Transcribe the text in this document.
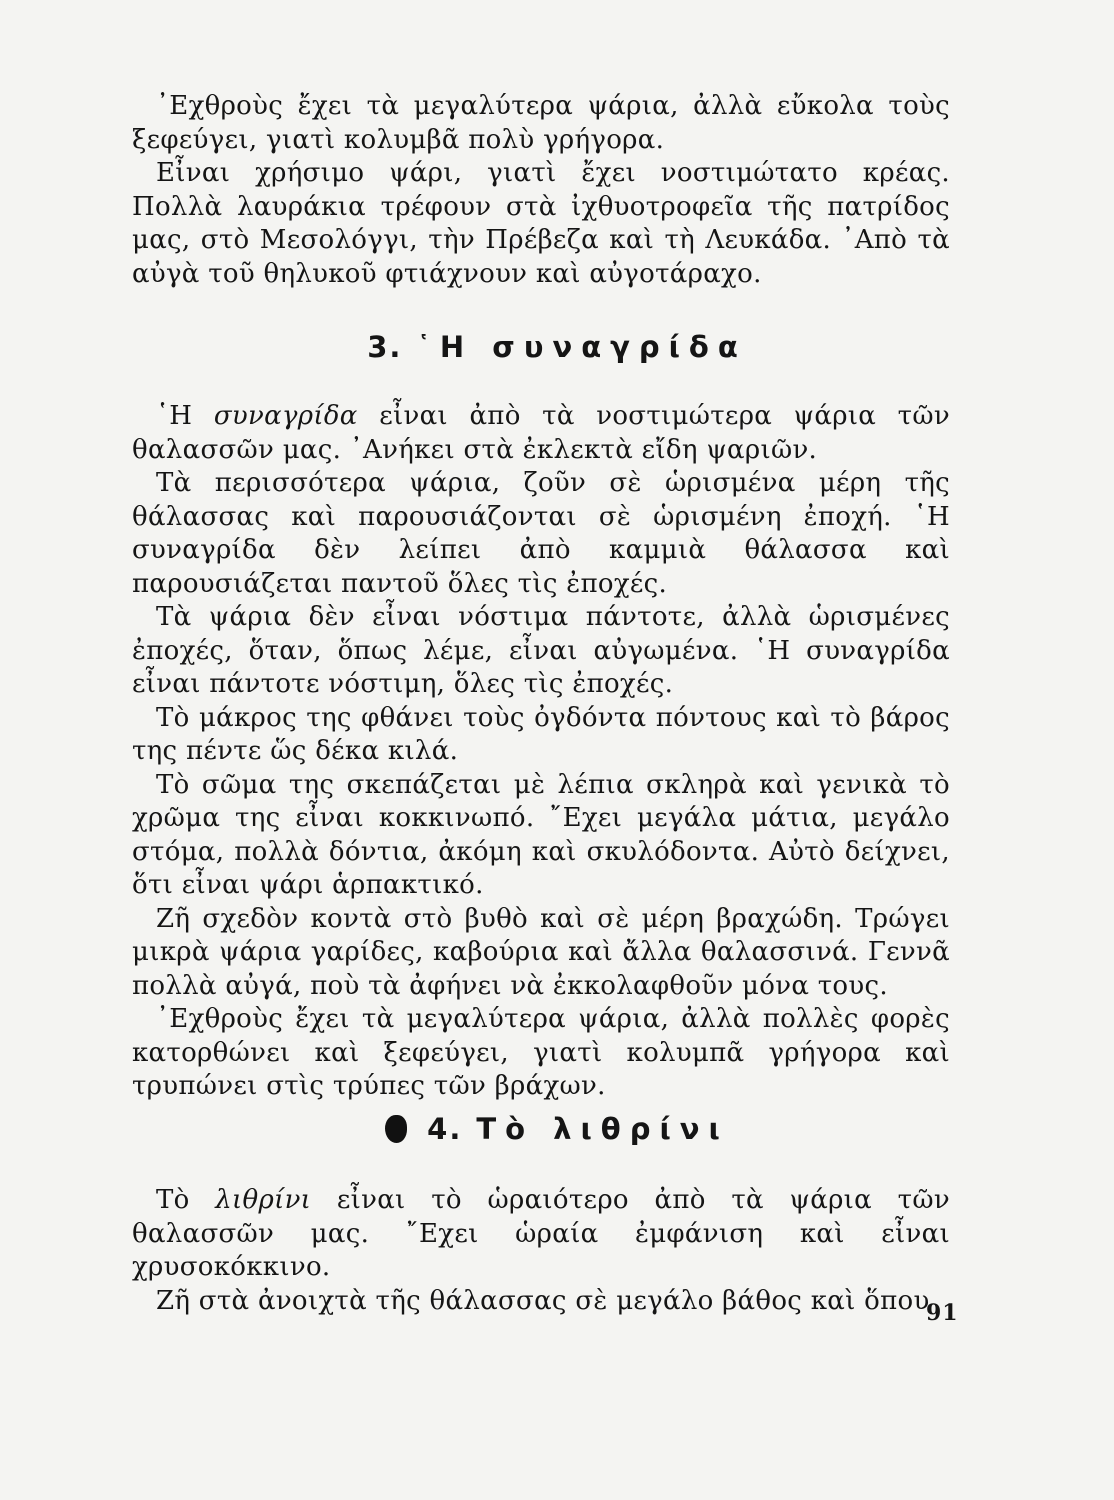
᾿Εχθροὺς ἔχει τὰ μεγαλύτερα ψάρια, ἀλλὰ εὔκολα τοὺς ξεφεύγει, γιατὶ κολυμβᾶ πολὺ γρήγορα.

Εἶναι χρήσιμο ψάρι, γιατὶ ἔχει νοστιμώτατο κρέας. Πολλὰ λαυράκια τρέφουν στὰ ἰχθυοτροφεῖα τῆς πατρίδος μας, στὸ Μεσολόγγι, τὴν Πρέβεζα καὶ τὴ Λευκάδα. ᾿Απὸ τὰ αὐγὰ τοῦ θηλυκοῦ φτιάχνουν καὶ αὐγοτάραχο.

3. ῾Η συναγρίδα

῾Η συναγρίδα εἶναι ἀπὸ τὰ νοστιμώτερα ψάρια τῶν θαλασσῶν μας. ᾿Ανήκει στὰ ἐκλεκτὰ εἴδη ψαριῶν.

Τὰ περισσότερα ψάρια, ζοῦν σὲ ὡρισμένα μέρη τῆς θάλασσας καὶ παρουσιάζονται σὲ ὡρισμένη ἐποχή. ῾Η συναγρίδα δὲν λείπει ἀπὸ καμμιὰ θάλασσα καὶ παρουσιάζεται παντοῦ ὅλες τὶς ἐποχές.

Τὰ ψάρια δὲν εἶναι νόστιμα πάντοτε, ἀλλὰ ὡρισμένες ἐποχές, ὅταν, ὅπως λέμε, εἶναι αὐγωμένα. ῾Η συναγρίδα εἶναι πάντοτε νόστιμη, ὅλες τὶς ἐποχές.

Τὸ μάκρος της φθάνει τοὺς ὀγδόντα πόντους καὶ τὸ βάρος της πέντε ὥς δέκα κιλά.

Τὸ σῶμα της σκεπάζεται μὲ λέπια σκληρὰ καὶ γενικὰ τὸ χρῶμα της εἶναι κοκκινωπό. ῎Εχει μεγάλα μάτια, μεγάλο στόμα, πολλὰ δόντια, ἀκόμη καὶ σκυλόδοντα. Αὐτὸ δείχνει, ὅτι εἶναι ψάρι ἁρπακτικό.

Ζῆ σχεδὸν κοντὰ στὸ βυθὸ καὶ σὲ μέρη βραχώδη. Τρώγει μικρὰ ψάρια γαρίδες, καβούρια καὶ ἄλλα θαλασσινά. Γεννᾶ πολλὰ αὐγά, ποὺ τὰ ἀφήνει νὰ ἐκκολαφθοῦν μόνα τους.

᾿Εχθροὺς ἔχει τὰ μεγαλύτερα ψάρια, ἀλλὰ πολλὲς φορὲς κατορθώνει καὶ ξεφεύγει, γιατὶ κολυμπᾶ γρήγορα καὶ τρυπώνει στὶς τρύπες τῶν βράχων.

4. Τὸ λιθρίνι

Τὸ λιθρίνι εἶναι τὸ ὡραιότερο ἀπὸ τὰ ψάρια τῶν θαλασσῶν μας. ῎Εχει ὡραία ἐμφάνιση καὶ εἶναι χρυσοκόκκινο.

Ζῆ στὰ ἀνοιχτὰ τῆς θάλασσας σὲ μεγάλο βάθος καὶ ὅπου

91
